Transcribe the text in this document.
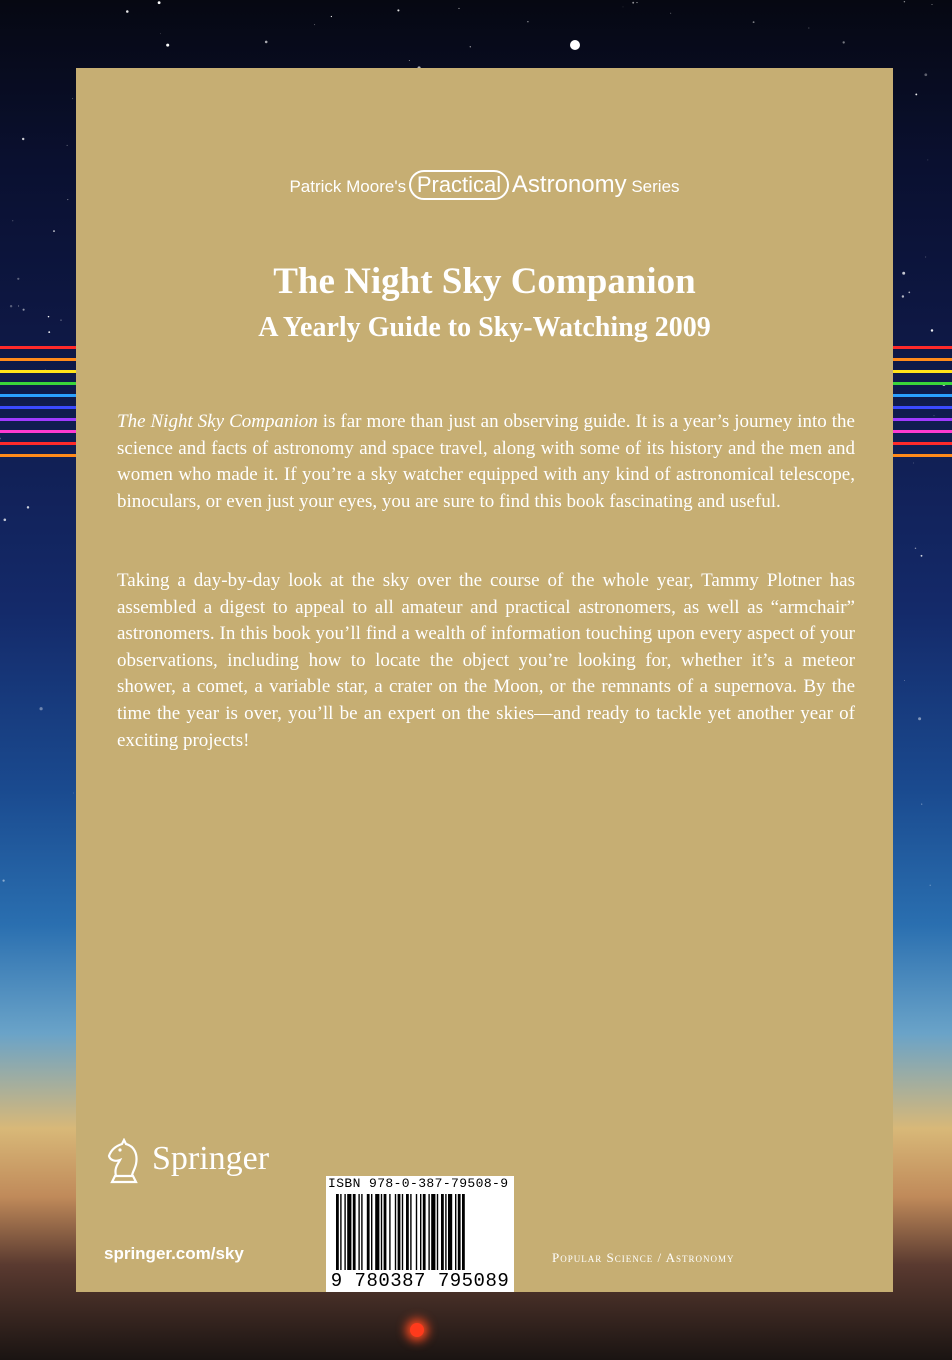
Patrick Moore's Practical Astronomy Series
The Night Sky Companion
A Yearly Guide to Sky-Watching 2009

The Night Sky Companion is far more than just an observing guide. It is a year’s journey into the science and facts of astronomy and space travel, along with some of its history and the men and women who made it. If you’re a sky watcher equipped with any kind of astronomical telescope, binoculars, or even just your eyes, you are sure to find this book fascinating and useful.

Taking a day-by-day look at the sky over the course of the whole year, Tammy Plotner has assembled a digest to appeal to all amateur and practical astronomers, as well as “armchair” astronomers. In this book you’ll find a wealth of information touching upon every aspect of your observations, including how to locate the object you’re looking for, whether it’s a meteor shower, a comet, a variable star, a crater on the Moon, or the remnants of a supernova. By the time the year is over, you’ll be an expert on the skies—and ready to tackle yet another year of exciting projects!

Springer
springer.com/sky
ISBN 978-0-387-79508-9
9 780387 795089
Popular Science / Astronomy
